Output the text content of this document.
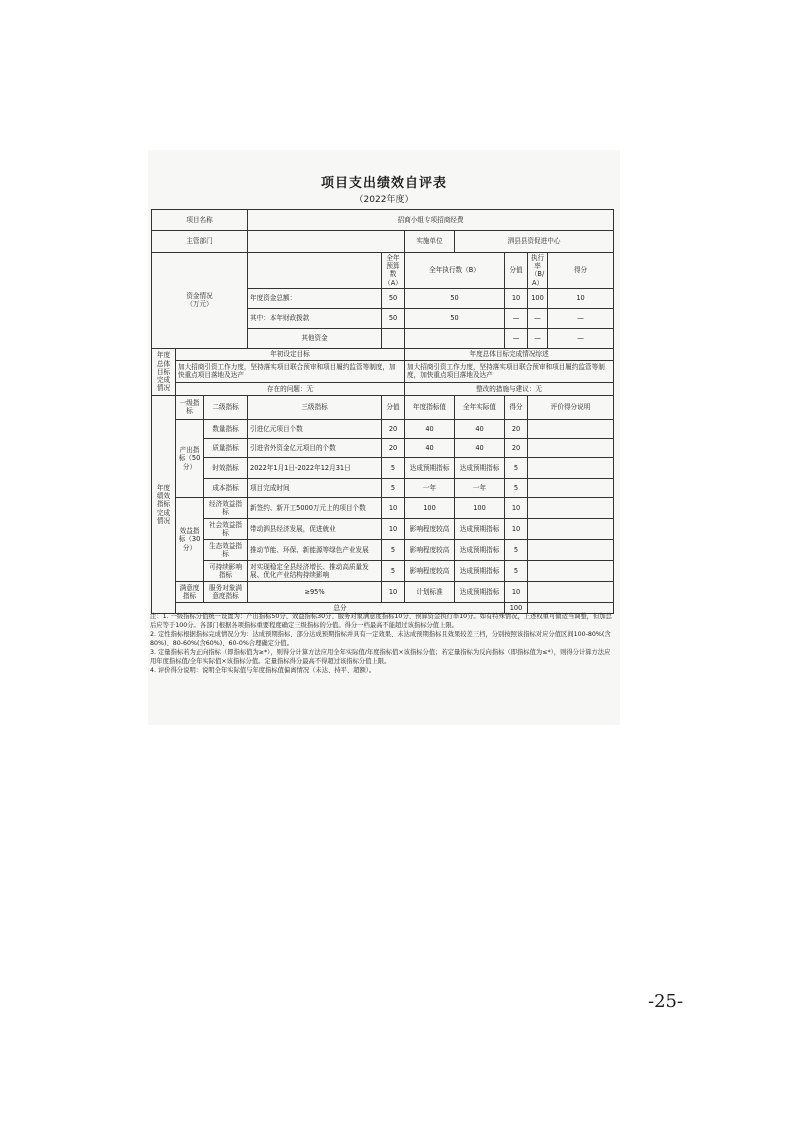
项目支出绩效自评表
（2022年度）
项目名称			招商小组专项招商经费						
主管部门					实施单位	泗县县资促进中心			
资金情况
（万元）				全年预算数（A）	全年执行数（B）		分值	执行率（B/A）	得分
			年度资金总额：	50	50		10	100	10
			其中：本年财政拨款	50	50		—	—	—
			其他资金				—	—	—
年度总体目标完成情况	年初设定目标				年度总体目标完成情况综述				
	加大招商引资工作力度，坚持落实项目联合预审和项目履约监管等制度，加快重点项目落地及达产				加大招商引资工作力度，坚持落实项目联合预审和项目履约监管等制度，加快重点项目落地及达产				
	存在的问题：无				整改的措施与建议：无				
年度绩效指标完成情况	一级指标	二级指标	三级指标	分值	年度指标值	全年实际值	得分	评价得分说明	
	产出指标（50分）	数量指标	引进亿元项目个数	20	40	40	20		
		质量指标	引进省外资金亿元项目的个数	20	40	40	20		
		时效指标	2022年1月1日-2022年12月31日	5	达成预期指标	达成预期指标	5		
		成本指标	项目完成时间	5	一年	一年	5		
	效益指标（30分）	经济效益指标	新签约、新开工5000万元上的项目个数	10	100	100	10		
		社会效益指标	带动泗县经济发展，促进就业	10	影响程度较高	达成预期指标	10		
		生态效益指标	推动节能、环保、新能源等绿色产业发展	5	影响程度较高	达成预期指标	5		
		可持续影响指标	对实现稳定全县经济增长、推动高质量发展、优化产业结构持续影响	5	影响程度较高	达成预期指标	5		
	满意度指标	服务对象满意度指标	≥95%	10	计划标准	达成预期指标	10		
	总分						100		

注：1. 一级指标分值统一设置为：产出指标50分、效益指标30分、服务对象满意度指标10分、预算资金执行率10分。如有特殊情况，上述权重可做适当调整，但加总后应等于100分。各部门根据各项指标重要程度确定三级指标的分值。得分一档最高不能超过该指标分值上限。

2. 定性指标根据指标完成情况分为：达成预期指标、部分达成预期指标并具有一定效果、未达成预期指标且效果较差三档，分别按照该指标对应分值区间100-80%(含80%)、80-60%(含60%)、60-0%合理确定分值。

3. 定量指标若为正向指标（即指标值为≥*），则得分计算方法应用全年实际值/年度指标值×该指标分值；若定量指标为反向指标（即指标值为≤*），则得分计算方法应用年度指标值/全年实际值×该指标分值。定量指标得分最高不得超过该指标分值上限。

4. 评价得分说明：说明全年实际值与年度指标值偏离情况（未达、持平、超额）。

-25-
